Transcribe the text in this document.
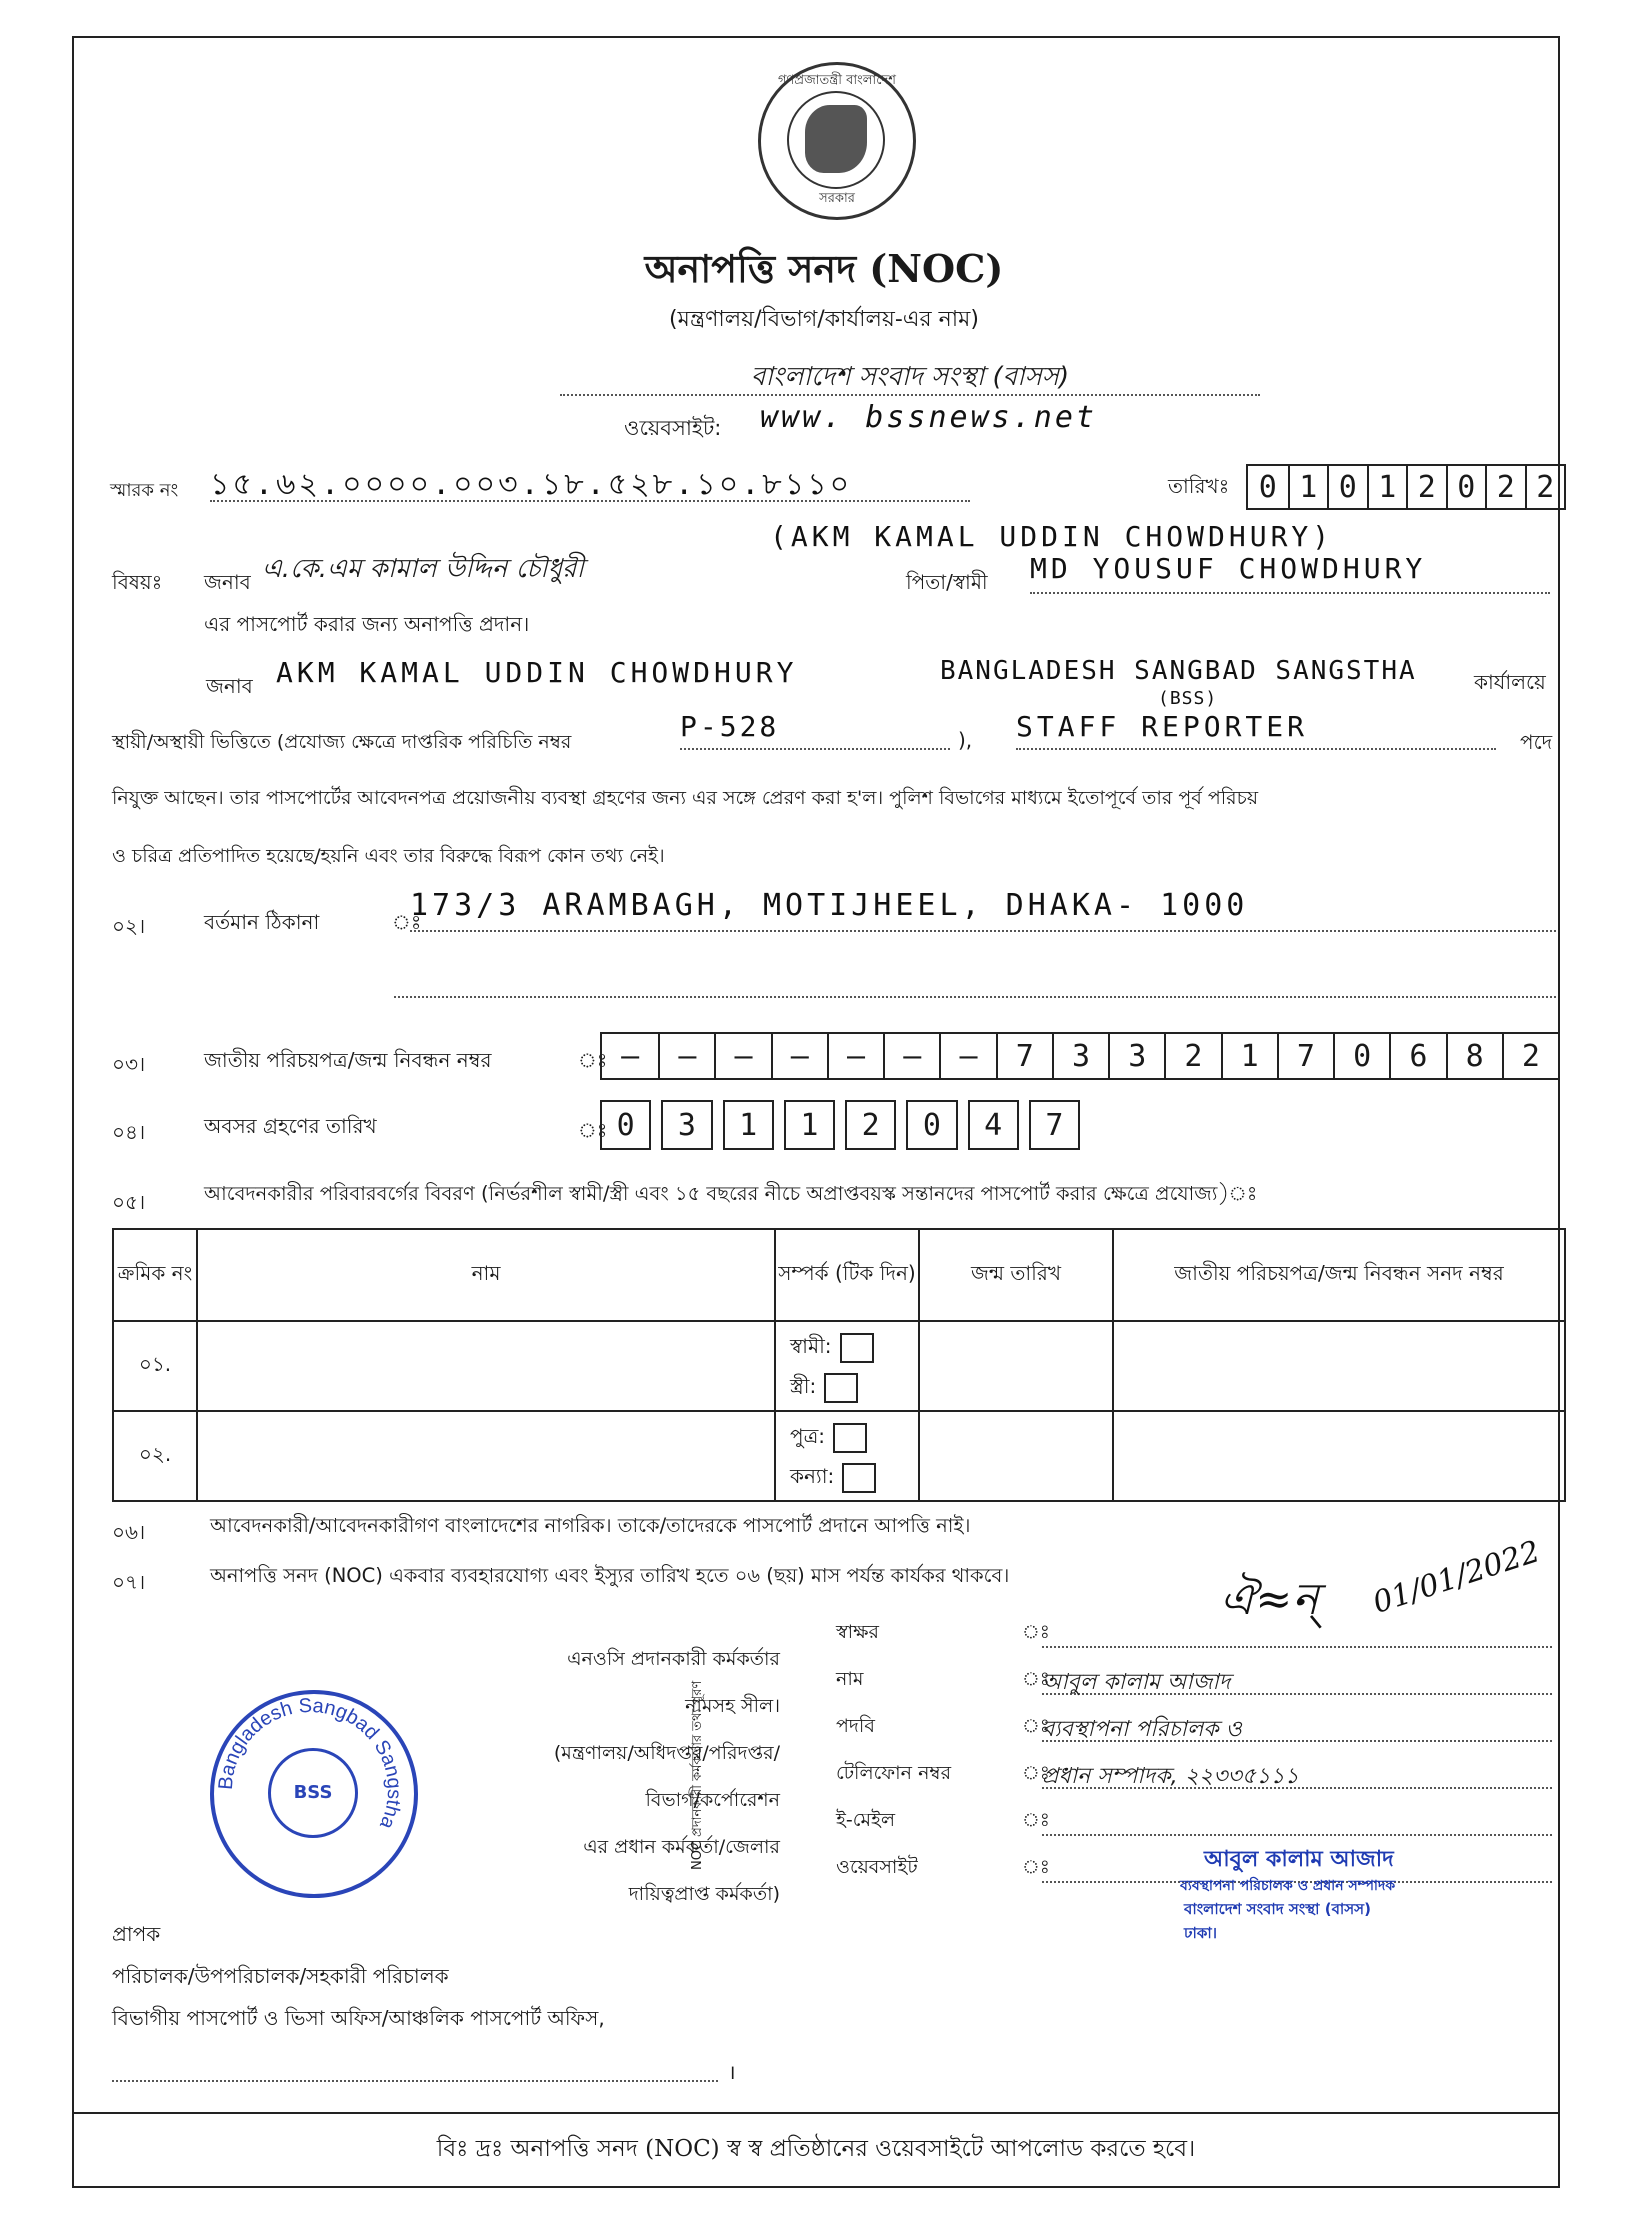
গণপ্রজাতন্ত্রী বাংলাদেশ
সরকার
অনাপত্তি সনদ (NOC)
(মন্ত্রণালয়/বিভাগ/কার্যালয়-এর নাম)
বাংলাদেশ সংবাদ সংস্থা (বাসস)
ওয়েবসাইট: www. bssnews.net
স্মারক নং ১৫.৬২.০০০০.০০৩.১৮.৫২৮.১০.৮১১০	তারিখঃ 0 1 0 1 2 0 2 2
বিষয়ঃ জনাব এ.কে.এম কামাল উদ্দিন চৌধুরী
(AKM KAMAL UDDIN CHOWDHURY)
পিতা/স্বামী MD YOUSUF CHOWDHURY
এর পাসপোর্ট করার জন্য অনাপত্তি প্রদান।
জনাব AKM KAMAL UDDIN CHOWDHURY	BANGLADESH SANGBAD SANGSTHA
(BSS)
কার্যালয়ে
স্থায়ী/অস্থায়ী ভিত্তিতে (প্রযোজ্য ক্ষেত্রে দাপ্তরিক পরিচিতি নম্বর	P-528	), STAFF REPORTER	পদে
নিযুক্ত আছেন। তার পাসপোর্টের আবেদনপত্র প্রয়োজনীয় ব্যবস্থা গ্রহণের জন্য এর সঙ্গে প্রেরণ করা হ'ল। পুলিশ বিভাগের মাধ্যমে ইতোপূর্বে তার পূর্ব পরিচয়
ও চরিত্র প্রতিপাদিত হয়েছে/হয়নি এবং তার বিরুদ্ধে বিরূপ কোন তথ্য নেই।
০২।	বর্তমান ঠিকানা	ঃ
173/3 ARAMBAGH, MOTIJHEEL, DHAKA- 1000
০৩।	জাতীয় পরিচয়পত্র/জন্ম নিবন্ধন নম্বর	ঃ —	—	—	—	—	—	—	7	3	3	2	1	7	0	6	8	2
০৪।	অবসর গ্রহণের তারিখ	ঃ 0	3	1	1	2	0	4	7
০৫।	আবেদনকারীর পরিবারবর্গের বিবরণ (নির্ভরশীল স্বামী/স্ত্রী এবং ১৫ বছরের নীচে অপ্রাপ্তবয়স্ক সন্তানদের পাসপোর্ট করার ক্ষেত্রে প্রযোজ্য)ঃ
ক্রমিক নং	নাম	সম্পর্ক (টিক দিন)	জন্ম তারিখ	জাতীয় পরিচয়পত্র/জন্ম নিবন্ধন সনদ নম্বর
০১.		স্বামী:
স্ত্রী:		

০২.		পুত্র:
কন্যা:		

০৬।	আবেদনকারী/আবেদনকারীগণ বাংলাদেশের নাগরিক। তাকে/তাদেরকে পাসপোর্ট প্রদানে আপত্তি নাই।
০৭।	অনাপত্তি সনদ (NOC) একবার ব্যবহারযোগ্য এবং ইস্যুর তারিখ হতে ০৬ (ছয়) মাস পর্যন্ত কার্যকর থাকবে।	ঐ≈ন্ 01/01/2022
এনওসি প্রদানকারী কর্মকর্তার
নামসহ সীল।
(মন্ত্রণালয়/অধিদপ্তর/পরিদপ্তর/
বিভাগ/কর্পোরেশন
এর প্রধান কর্মকর্তা/জেলার
দায়িত্বপ্রাপ্ত কর্মকর্তা)
NOC প্রদানকারী কর্মকর্তার তথ্য পূরণ
স্বাক্ষর	ঃ
নাম	ঃ
আবুল কালাম আজাদ
পদবি	ঃ
ব্যবস্থাপনা পরিচালক ও
টেলিফোন নম্বর	ঃ
প্রধান সম্পাদক, ২২৩৩৫১১১
ই-মেইল	ঃ
ওয়েবসাইট	ঃ	আবুল কালাম আজাদ
ব্যবস্থাপনা পরিচালক ও প্রধান সম্পাদক
বাংলাদেশ সংবাদ সংস্থা (বাসস)
ঢাকা।
Bangladesh Sangbad Sangstha
BSS
প্রাপক
পরিচালক/উপপরিচালক/সহকারী পরিচালক
বিভাগীয় পাসপোর্ট ও ভিসা অফিস/আঞ্চলিক পাসপোর্ট অফিস,
।
বিঃ দ্রঃ অনাপত্তি সনদ (NOC) স্ব স্ব প্রতিষ্ঠানের ওয়েবসাইটে আপলোড করতে হবে।
